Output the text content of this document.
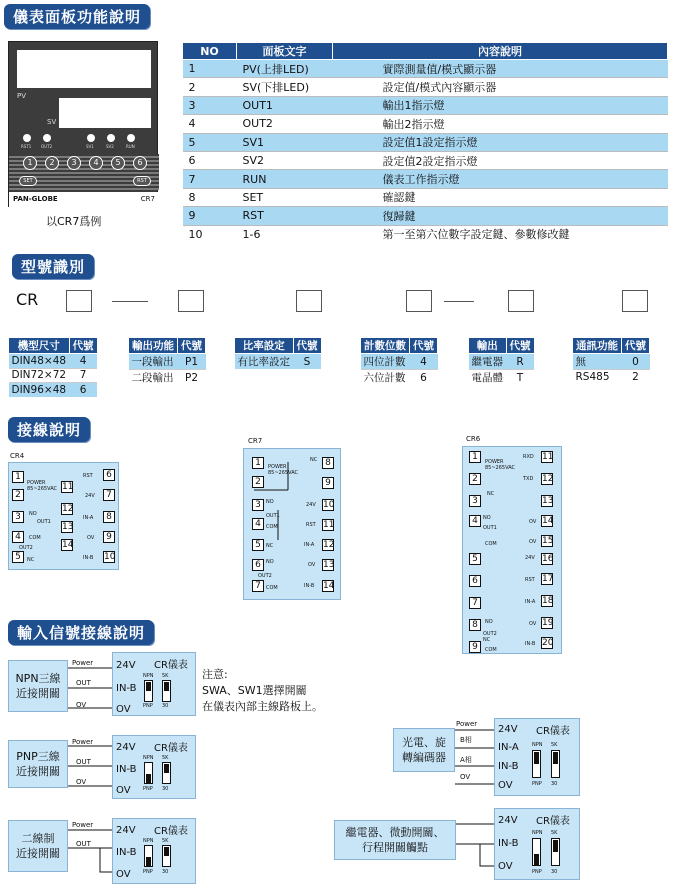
儀表面板功能說明
型號識別
接線說明
輸入信號接線說明
PV
SV
RST1 OUT2	SV1	SV2	RUN
1	2	3	4	5	6
SET	RST
PAN-GLOBE	CR7
以CR7爲例
NO	面板文字	內容說明
1	PV(上排LED)	實際測量值/模式顯示器
2	SV(下排LED)	設定值/模式內容顯示器
3	OUT1	輸出1指示燈
4	OUT2	輸出2指示燈
5	SV1	設定值1設定指示燈
6	SV2	設定值2設定指示燈
7	RUN	儀表工作指示燈
8	SET	確認鍵
9	RST	復歸鍵
10	1-6	第一至第六位數字設定鍵、參數修改鍵
CR
機型尺寸	代號
DIN48×48	4
DIN72×72	7
DIN96×48	6
輸出功能	代號
一段輸出	P1
二段輸出	P2
比率設定	代號
有比率設定	S
計數位數	代號
四位計數	4
六位計數	6
輸出	代號
繼電器	R
電晶體	T
通訊功能	代號
無	0
RS485	2
CR4
1
2
3
4
5
11
12
13
14
6
7
8
9
10
POWER
85~265VAC
NO
OUT1
COM
OUT2
NC
RST
24V
IN-A
OV
IN-B
CR7
1
2
3
4
5
6
7
8
9
10
11
12
13
14
POWER
85~265VAC
NC
NO
OUT1
COM
NC
NO
OUT2
COM
24V
RST
IN-A
OV
IN-B
CR6
1
2
3
4
5
6
7
8
9
11
12
13
14
15
16
17
18
19
20
POWER
85~265VAC
NC
NO
OUT1
COM
NO
NC
OUT2
COM
RXD
TXD
OV
OV
24V
RST
IN-A
OV
IN-B
NPN三線
近接開關
CR儀表
24V
IN-B
OV
Power
OUT
OV
NPN 5K
PNP 30
注意:
SWA、SW1選擇開關
在儀表內部主線路板上。
PNP三線
近接開關
CR儀表
24V
IN-B
OV
Power
OUT
OV
NPN 5K
PNP 30
二線制
近接開關
CR儀表
24V
IN-B
OV
Power
OUT	NPN 5K
PNP 30
光電、旋
轉編碼器
CR儀表
24V
IN-A
IN-B
OV
Power
B相
A相
OV
NPN 5K
PNP 30
繼電器、微動開關、
行程開關觸點
CR儀表
24V
IN-B
OV
NPN 5K
PNP 30
